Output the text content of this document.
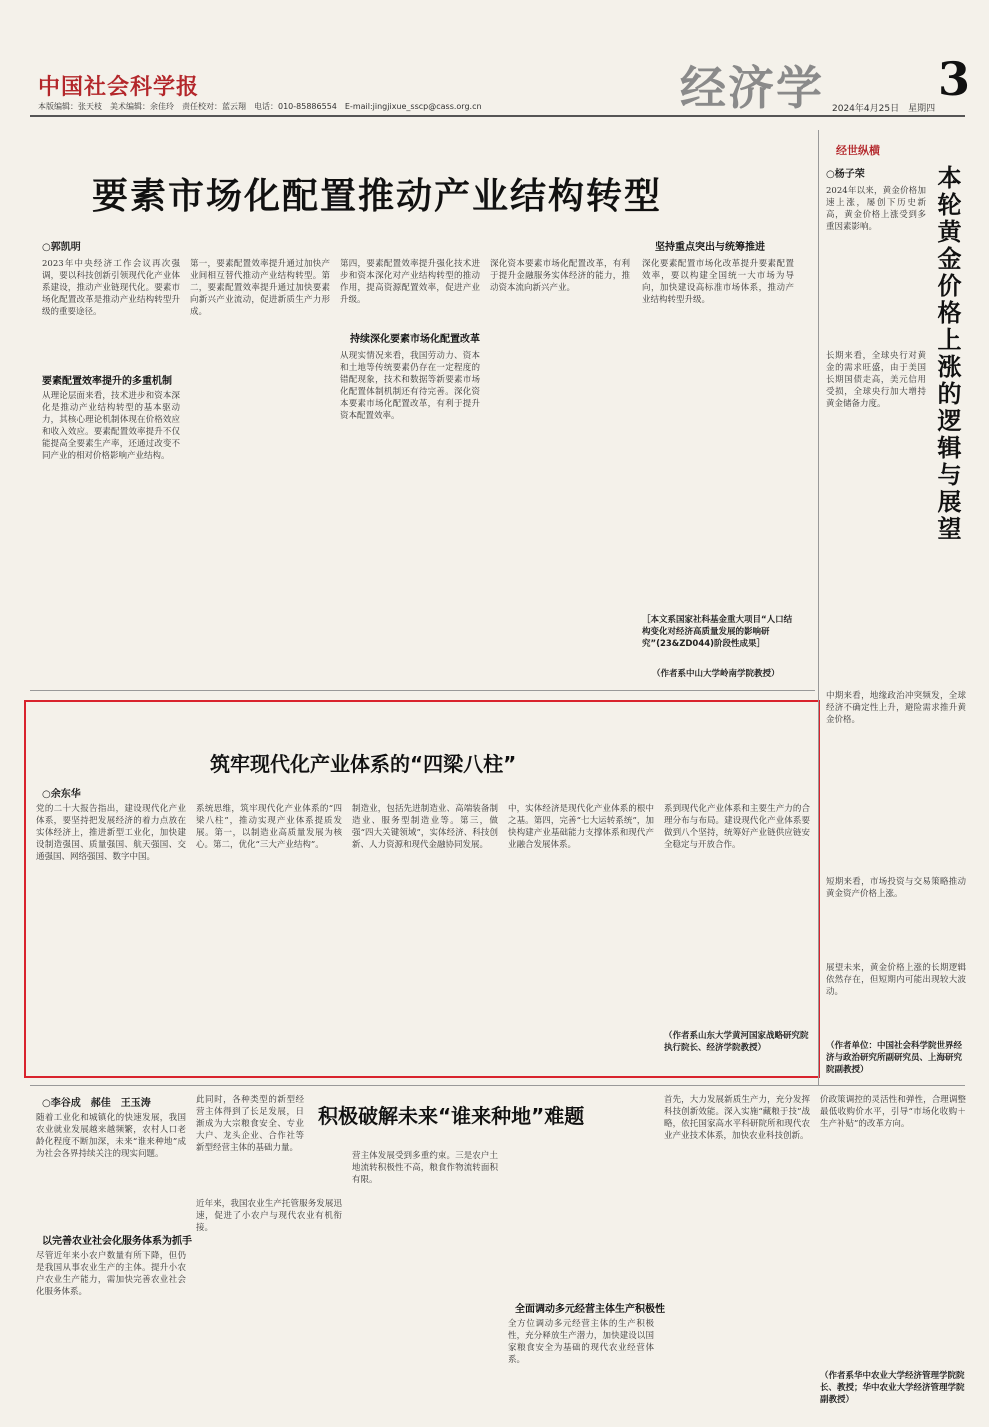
中国社会科学报
本版编辑：张天枝　美术编辑：余佳玲　责任校对：蓝云翔　电话：010-85886554　E-mail:jingjixue_sscp@cass.org.cn	经济学 3
2024年4月25日　星期四
经世纵横
要素市场化配置推动产业结构转型
○郭凯明
2023年中央经济工作会议再次强调，要以科技创新引领现代化产业体系建设，推动产业链现代化。要素市场化配置改革是推动产业结构转型升级的重要途径。
要素配置效率提升的多重机制
从理论层面来看，技术进步和资本深化是推动产业结构转型的基本驱动力，其核心理论机制体现在价格效应和收入效应。要素配置效率提升不仅能提高全要素生产率，还通过改变不同产业的相对价格影响产业结构。
第一，要素配置效率提升通过加快产业间相互替代推动产业结构转型。第二，要素配置效率提升通过加快要素向新兴产业流动，促进新质生产力形成。
第四，要素配置效率提升强化技术进步和资本深化对产业结构转型的推动作用，提高资源配置效率，促进产业升级。
持续深化要素市场化配置改革
从现实情况来看，我国劳动力、资本和土地等传统要素仍存在一定程度的错配现象，技术和数据等新要素市场化配置体制机制还有待完善。深化资本要素市场化配置改革，有利于提升资本配置效率。
深化资本要素市场化配置改革，有利于提升金融服务实体经济的能力，推动资本流向新兴产业。
坚持重点突出与统筹推进
深化要素配置市场化改革提升要素配置效率，要以构建全国统一大市场为导向，加快建设高标准市场体系，推动产业结构转型升级。
［本文系国家社科基金重大项目“人口结构变化对经济高质量发展的影响研究”(23&ZD044)阶段性成果］
（作者系中山大学岭南学院教授）
筑牢现代化产业体系的“四梁八柱”
○余东华
党的二十大报告指出，建设现代化产业体系，要坚持把发展经济的着力点放在实体经济上，推进新型工业化，加快建设制造强国、质量强国、航天强国、交通强国、网络强国、数字中国。
系统思维，筑牢现代化产业体系的“四梁八柱”，推动实现产业体系提质发展。第一，以制造业高质量发展为核心。第二，优化“三大产业结构”。
制造业，包括先进制造业、高端装备制造业、服务型制造业等。第三，做强“四大关键领域”，实体经济、科技创新、人力资源和现代金融协同发展。
中，实体经济是现代化产业体系的根中之基。第四，完善“七大运转系统”，加快构建产业基础能力支撑体系和现代产业融合发展体系。
系到现代化产业体系和主要生产力的合理分布与布局。建设现代化产业体系要做到八个坚持，统筹好产业链供应链安全稳定与开放合作。
（作者系山东大学黄河国家战略研究院执行院长、经济学院教授）
积极破解未来“谁来种地”难题
○李谷成　郝佳　王玉涛
随着工业化和城镇化的快速发展，我国农业就业发展越来越频繁，农村人口老龄化程度不断加深，未来“谁来种地”成为社会各界持续关注的现实问题。
以完善农业社会化服务体系为抓手
尽管近年来小农户数量有所下降，但仍是我国从事农业生产的主体。提升小农户农业生产能力，需加快完善农业社会化服务体系。
此同时，各种类型的新型经营主体得到了长足发展，日渐成为大宗粮食安全、专业大户、龙头企业、合作社等新型经营主体的基础力量。
近年来，我国农业生产托管服务发展迅速，促进了小农户与现代农业有机衔接。
营主体发展受到多重约束。三是农户土地流转积极性不高，粮食作物流转面积有限。
全面调动多元经营主体生产积极性
全方位调动多元经营主体的生产积极性，充分释放生产潜力，加快建设以国家粮食安全为基础的现代农业经营体系。
首先，大力发展新质生产力，充分发挥科技创新效能。深入实施“藏粮于技”战略，依托国家高水平科研院所和现代农业产业技术体系，加快农业科技创新。
价政策调控的灵活性和弹性，合理调整最低收购价水平，引导“市场化收购＋生产补贴”的改革方向。
（作者系华中农业大学经济管理学院院长、教授；华中农业大学经济管理学院副教授）
本轮黄金价格上涨的逻辑与展望
○杨子荣
2024年以来，黄金价格加速上涨，屡创下历史新高，黄金价格上涨受到多重因素影响。
长期来看，全球央行对黄金的需求旺盛，由于美国长期国债走高，美元信用受损，全球央行加大增持黄金储备力度。
中期来看，地缘政治冲突频发，全球经济不确定性上升，避险需求推升黄金价格。
短期来看，市场投资与交易策略推动黄金资产价格上涨。
展望未来，黄金价格上涨的长期逻辑依然存在，但短期内可能出现较大波动。
（作者单位：中国社会科学院世界经济与政治研究所副研究员、上海研究院副教授）
